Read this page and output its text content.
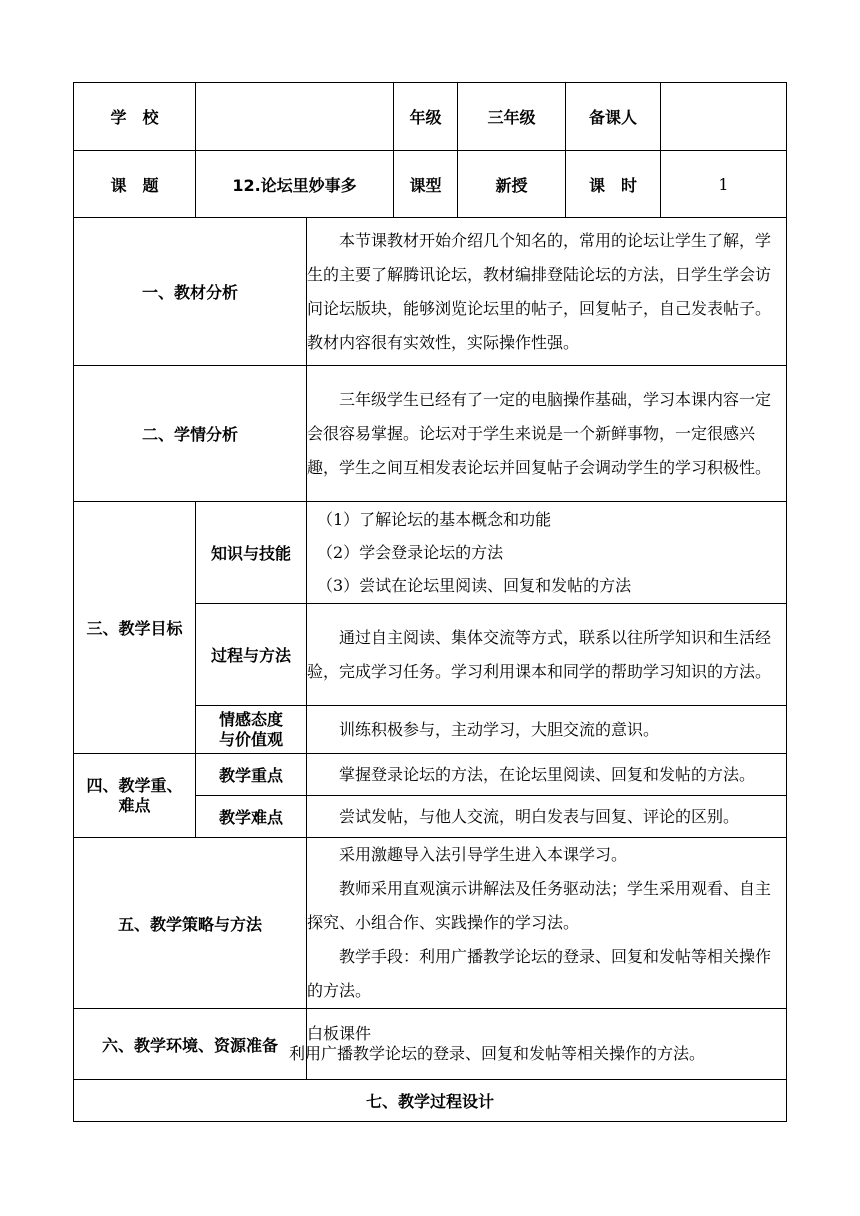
学　校			年级	三年级	备课人	
课　题	12.论坛里妙事多		课型	新授	课　时	1
一、教材分析		本节课教材开始介绍几个知名的，常用的论坛让学生了解，学生的主要了解腾讯论坛，教材编排登陆论坛的方法，日学生学会访问论坛版块，能够浏览论坛里的帖子，回复帖子，自己发表帖子。教材内容很有实效性，实际操作性强。				

二、学情分析		三年级学生已经有了一定的电脑操作基础，学习本课内容一定会很容易掌握。论坛对于学生来说是一个新鲜事物，一定很感兴趣，学生之间互相发表论坛并回复帖子会调动学生的学习积极性。				

三、教学目标	知识与技能	（1）了解论坛的基本概念和功能
（2）学会登录论坛的方法
（3）尝试在论坛里阅读、回复和发帖的方法				

	过程与方法	通过自主阅读、集体交流等方式，联系以往所学知识和生活经验，完成学习任务。学习利用课本和同学的帮助学习知识的方法。				

	情感态度
与价值观	训练积极参与，主动学习，大胆交流的意识。				

四、教学重、
难点	教学重点	掌握登录论坛的方法，在论坛里阅读、回复和发帖的方法。				

	教学难点	尝试发帖，与他人交流，明白发表与回复、评论的区别。				

五、教学策略与方法		采用激趣导入法引导学生进入本课学习。

教师采用直观演示讲解法及任务驱动法；学生采用观看、自主探究、小组合作、实践操作的学习法。

教学手段：利用广播教学论坛的登录、回复和发帖等相关操作的方法。				

六、教学环境、资源准备		白板课件
利用广播教学论坛的登录、回复和发帖等相关操作的方法。				

七、教学过程设计						
